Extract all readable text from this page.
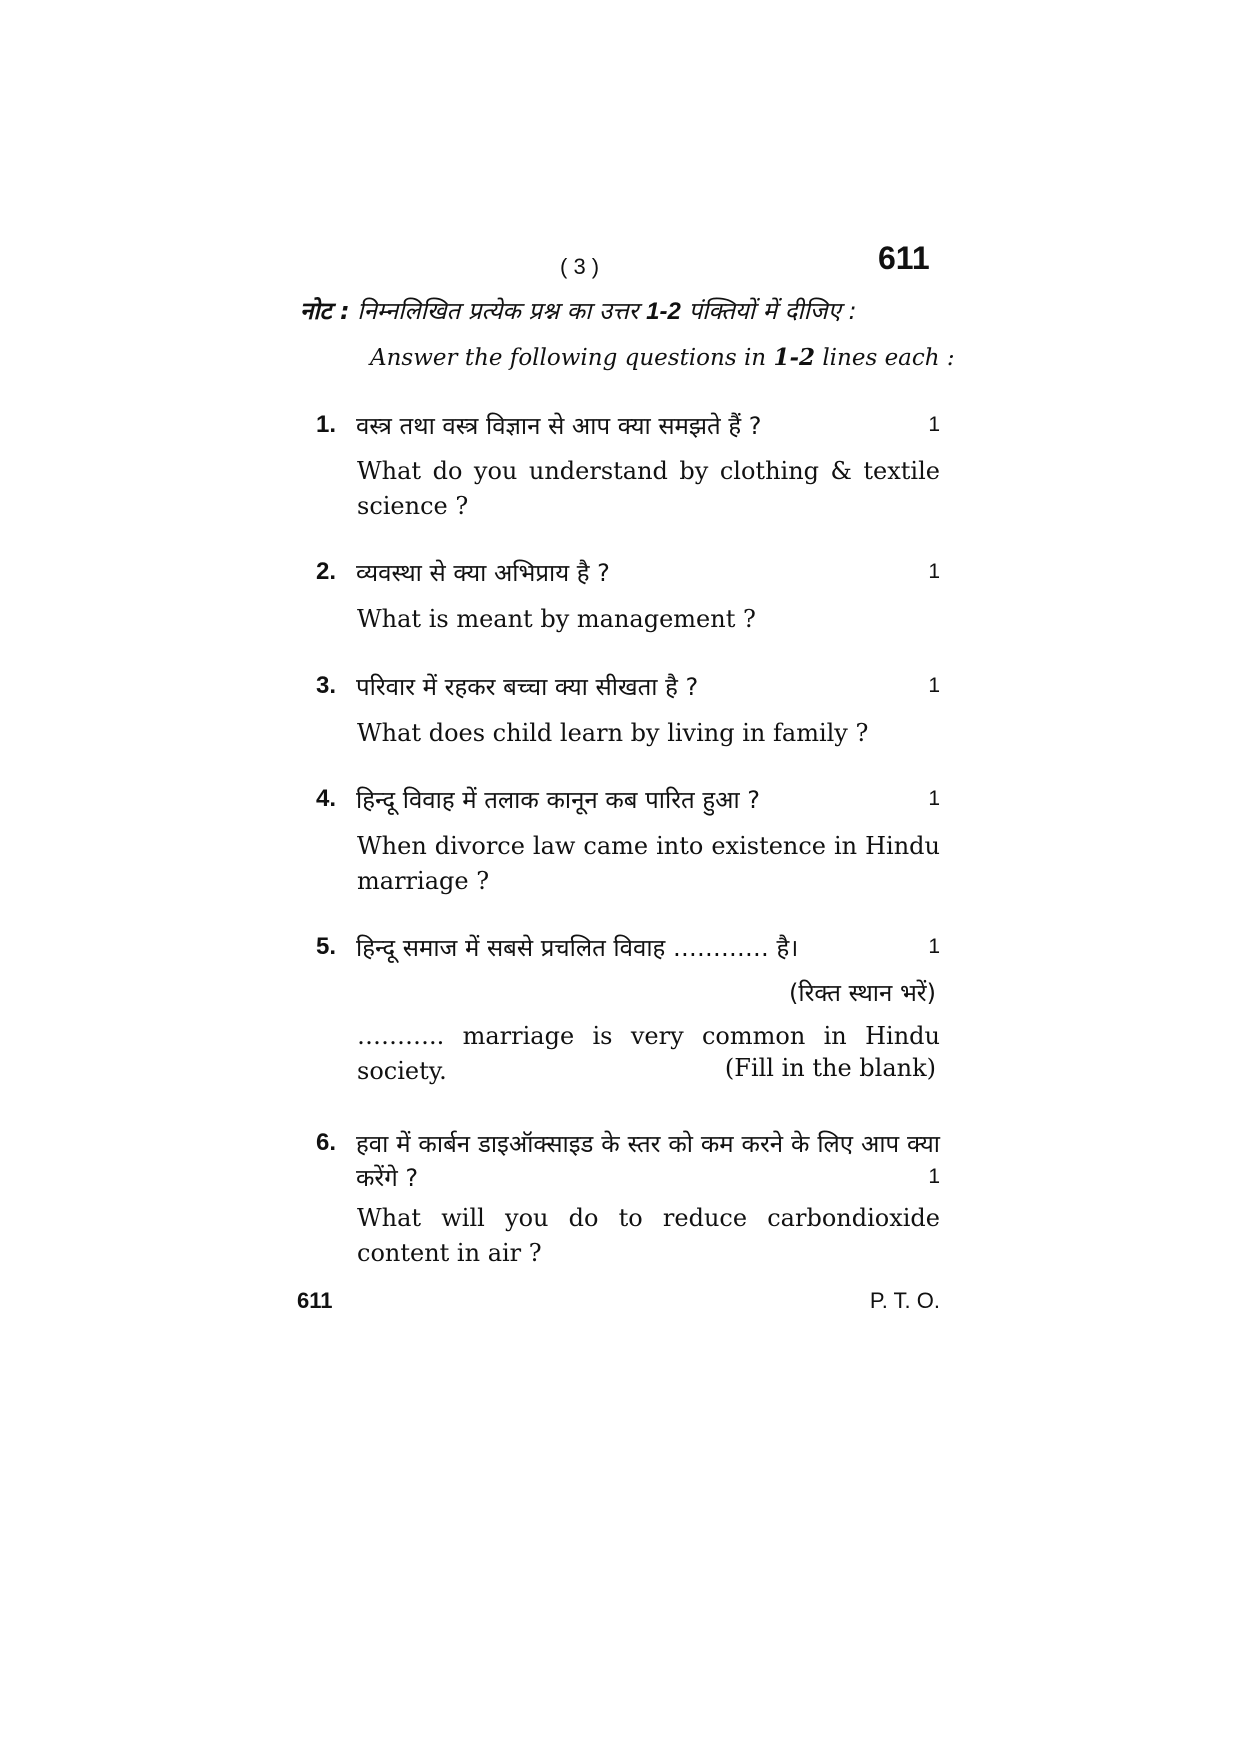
( 3 )	611
नोट : निम्नलिखित प्रत्येक प्रश्न का उत्तर 1-2 पंक्तियों में दीजिए :
Answer the following questions in 1-2 lines each :
1. वस्त्र तथा वस्त्र विज्ञान से आप क्या समझते हैं ?	1
What do you understand by clothing & textile science ?
2. व्यवस्था से क्या अभिप्राय है ?	1
What is meant by management ?
3. परिवार में रहकर बच्चा क्या सीखता है ?	1
What does child learn by living in family ?
4. हिन्दू विवाह में तलाक कानून कब पारित हुआ ?	1
When divorce law came into existence in Hindu marriage ?
5. हिन्दू समाज में सबसे प्रचलित विवाह ………… है।	1
(रिक्त स्थान भरें)
……….. marriage is very common in Hindu society.	(Fill in the blank)
6. हवा में कार्बन डाइऑक्साइड के स्तर को कम करने के लिए आप क्या करेंगे ?	1
What will you do to reduce carbondioxide content in air ?
611	P. T. O.
